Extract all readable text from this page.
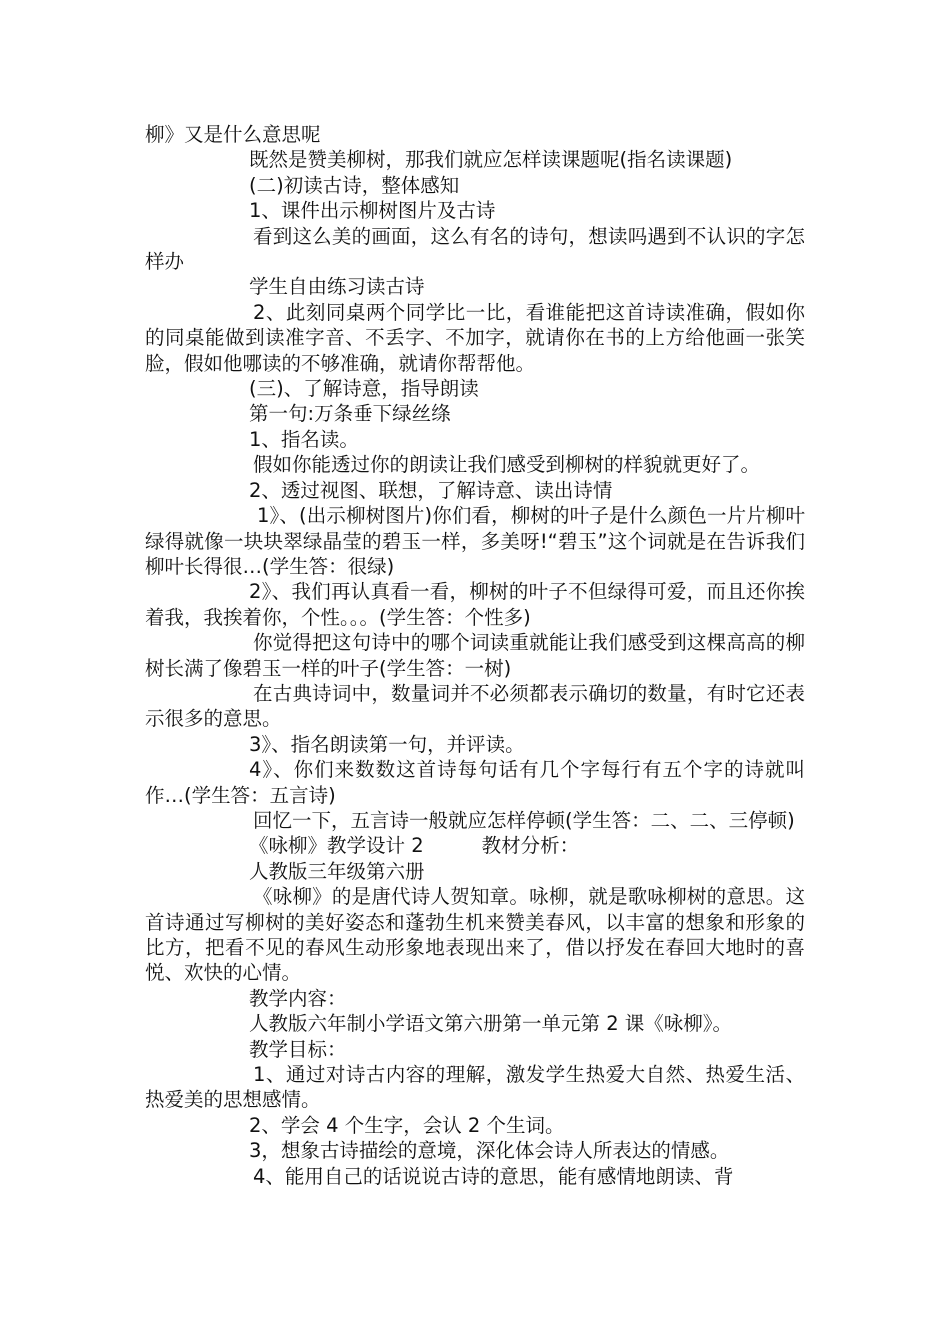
柳》又是什么意思呢

既然是赞美柳树，那我们就应怎样读课题呢(指名读课题)

(二)初读古诗，整体感知

1、课件出示柳树图片及古诗

看到这么美的画面，这么有名的诗句，想读吗遇到不认识的字怎样办

学生自由练习读古诗

2、此刻同桌两个同学比一比，看谁能把这首诗读准确，假如你的同桌能做到读准字音、不丢字、不加字，就请你在书的上方给他画一张笑脸，假如他哪读的不够准确，就请你帮帮他。

(三)、了解诗意，指导朗读

第一句:万条垂下绿丝绦

1、指名读。

假如你能透过你的朗读让我们感受到柳树的样貌就更好了。

2、透过视图、联想，了解诗意、读出诗情

1》、(出示柳树图片)你们看，柳树的叶子是什么颜色一片片柳叶绿得就像一块块翠绿晶莹的碧玉一样，多美呀!“碧玉”这个词就是在告诉我们柳叶长得很…(学生答：很绿)

2》、我们再认真看一看，柳树的叶子不但绿得可爱，而且还你挨着我，我挨着你，个性。。。(学生答：个性多)

你觉得把这句诗中的哪个词读重就能让我们感受到这棵高高的柳树长满了像碧玉一样的叶子(学生答：一树)

在古典诗词中，数量词并不必须都表示确切的数量，有时它还表示很多的意思。

3》、指名朗读第一句，并评读。

4》、你们来数数这首诗每句话有几个字每行有五个字的诗就叫作…(学生答：五言诗)

回忆一下，五言诗一般就应怎样停顿(学生答：二、二、三停顿)

《咏柳》教学设计 2	教材分析：

人教版三年级第六册

《咏柳》的是唐代诗人贺知章。咏柳，就是歌咏柳树的意思。这首诗通过写柳树的美好姿态和蓬勃生机来赞美春风，以丰富的想象和形象的比方，把看不见的春风生动形象地表现出来了，借以抒发在春回大地时的喜悦、欢快的心情。

教学内容：

人教版六年制小学语文第六册第一单元第 2 课《咏柳》。

教学目标：

1、通过对诗古内容的理解，激发学生热爱大自然、热爱生活、热爱美的思想感情。

2、学会 4 个生字，会认 2 个生词。

3，想象古诗描绘的意境，深化体会诗人所表达的情感。

4、能用自己的话说说古诗的意思，能有感情地朗读、背
